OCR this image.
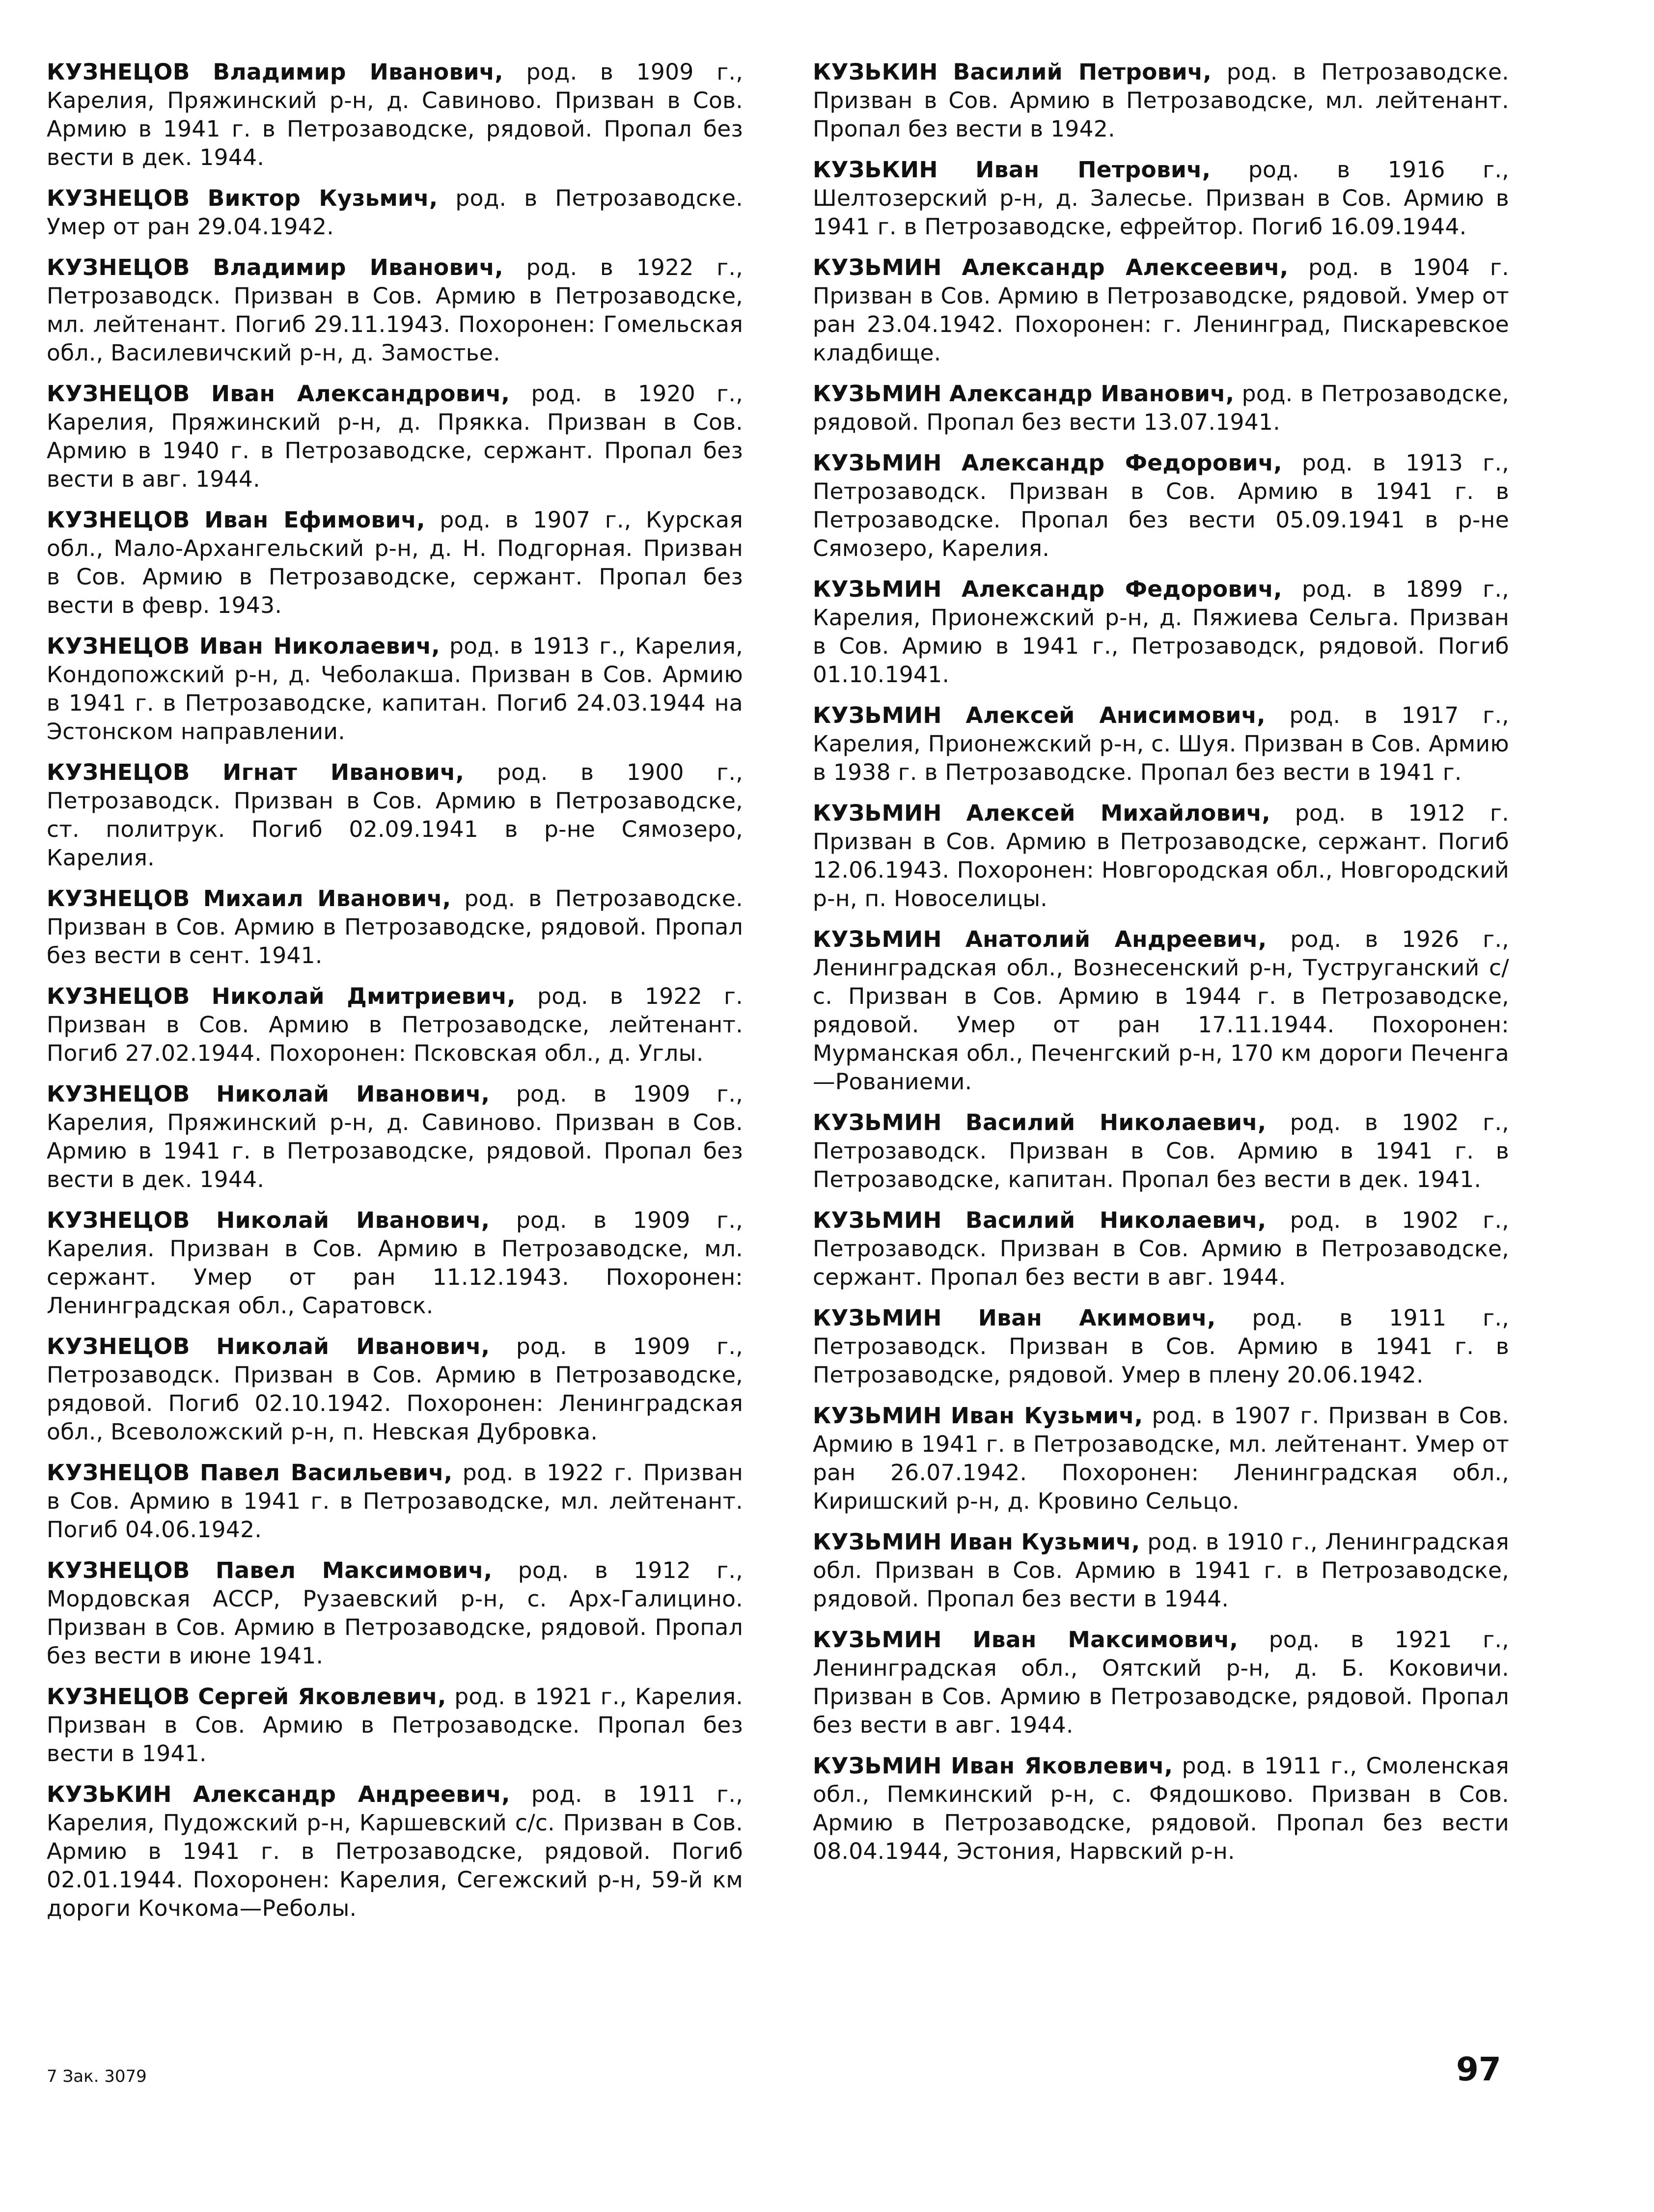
КУЗНЕЦОВ Владимир Иванович, род. в 1909 г., Карелия, Пряжинский р-н, д. Савиново. Призван в Сов. Армию в 1941 г. в Петрозаводске, рядовой. Пропал без вести в дек. 1944.

КУЗНЕЦОВ Виктор Кузьмич, род. в Петрозаводске. Умер от ран 29.04.1942.

КУЗНЕЦОВ Владимир Иванович, род. в 1922 г., Петрозаводск. Призван в Сов. Армию в Петрозаводске, мл. лейтенант. Погиб 29.11.1943. Похоронен: Гомельская обл., Василевичский р-н, д. Замостье.

КУЗНЕЦОВ Иван Александрович, род. в 1920 г., Карелия, Пряжинский р-н, д. Прякка. Призван в Сов. Армию в 1940 г. в Петрозаводске, сержант. Пропал без вести в авг. 1944.

КУЗНЕЦОВ Иван Ефимович, род. в 1907 г., Курская обл., Мало-Архангельский р-н, д. Н. Подгорная. Призван в Сов. Армию в Петрозаводске, сержант. Пропал без вести в февр. 1943.

КУЗНЕЦОВ Иван Николаевич, род. в 1913 г., Карелия, Кондопожский р-н, д. Чеболакша. Призван в Сов. Армию в 1941 г. в Петрозаводске, капитан. Погиб 24.03.1944 на Эстонском направлении.

КУЗНЕЦОВ Игнат Иванович, род. в 1900 г., Петрозаводск. Призван в Сов. Армию в Петрозаводске, ст. политрук. Погиб 02.09.1941 в р-не Сямозеро, Карелия.

КУЗНЕЦОВ Михаил Иванович, род. в Петрозаводске. Призван в Сов. Армию в Петрозаводске, рядовой. Пропал без вести в сент. 1941.

КУЗНЕЦОВ Николай Дмитриевич, род. в 1922 г. Призван в Сов. Армию в Петрозаводске, лейтенант. Погиб 27.02.1944. Похоронен: Псковская обл., д. Углы.

КУЗНЕЦОВ Николай Иванович, род. в 1909 г., Карелия, Пряжинский р-н, д. Савиново. Призван в Сов. Армию в 1941 г. в Петрозаводске, рядовой. Пропал без вести в дек. 1944.

КУЗНЕЦОВ Николай Иванович, род. в 1909 г., Карелия. Призван в Сов. Армию в Петрозаводске, мл. сержант. Умер от ран 11.12.1943. Похоронен: Ленинградская обл., Саратовск.

КУЗНЕЦОВ Николай Иванович, род. в 1909 г., Петрозаводск. Призван в Сов. Армию в Петрозаводске, рядовой. Погиб 02.10.1942. Похоронен: Ленинградская обл., Всеволожский р-н, п. Невская Дубровка.

КУЗНЕЦОВ Павел Васильевич, род. в 1922 г. Призван в Сов. Армию в 1941 г. в Петрозаводске, мл. лейтенант. Погиб 04.06.1942.

КУЗНЕЦОВ Павел Максимович, род. в 1912 г., Мордовская АССР, Рузаевский р-н, с. Арх-Галицино. Призван в Сов. Армию в Петрозаводске, рядовой. Пропал без вести в июне 1941.

КУЗНЕЦОВ Сергей Яковлевич, род. в 1921 г., Карелия. Призван в Сов. Армию в Петрозаводске. Пропал без вести в 1941.

КУЗЬКИН Александр Андреевич, род. в 1911 г., Карелия, Пудожский р-н, Каршевский с/с. Призван в Сов. Армию в 1941 г. в Петрозаводске, рядовой. Погиб 02.01.1944. Похоронен: Карелия, Сегежский р-н, 59-й км дороги Кочкома—Реболы.

КУЗЬКИН Василий Петрович, род. в Петрозаводске. Призван в Сов. Армию в Петрозаводске, мл. лейтенант. Пропал без вести в 1942.

КУЗЬКИН Иван Петрович, род. в 1916 г., Шелтозерский р-н, д. Залесье. Призван в Сов. Армию в 1941 г. в Петрозаводске, ефрейтор. Погиб 16.09.1944.

КУЗЬМИН Александр Алексеевич, род. в 1904 г. Призван в Сов. Армию в Петрозаводске, рядовой. Умер от ран 23.04.1942. Похоронен: г. Ленинград, Пискаревское кладбище.

КУЗЬМИН Александр Иванович, род. в Петрозаводске, рядовой. Пропал без вести 13.07.1941.

КУЗЬМИН Александр Федорович, род. в 1913 г., Петрозаводск. Призван в Сов. Армию в 1941 г. в Петрозаводске. Пропал без вести 05.09.1941 в р-не Сямозеро, Карелия.

КУЗЬМИН Александр Федорович, род. в 1899 г., Карелия, Прионежский р-н, д. Пяжиева Сельга. Призван в Сов. Армию в 1941 г., Петрозаводск, рядовой. Погиб 01.10.1941.

КУЗЬМИН Алексей Анисимович, род. в 1917 г., Карелия, Прионежский р-н, с. Шуя. Призван в Сов. Армию в 1938 г. в Петрозаводске. Пропал без вести в 1941 г.

КУЗЬМИН Алексей Михайлович, род. в 1912 г. Призван в Сов. Армию в Петрозаводске, сержант. Погиб 12.06.1943. Похоронен: Новгородская обл., Новгородский р-н, п. Новоселицы.

КУЗЬМИН Анатолий Андреевич, род. в 1926 г., Ленинградская обл., Вознесенский р-н, Туструганский с/с. Призван в Сов. Армию в 1944 г. в Петрозаводске, рядовой. Умер от ран 17.11.1944. Похоронен: Мурманская обл., Печенгский р-н, 170 км дороги Печенга—Рованиеми.

КУЗЬМИН Василий Николаевич, род. в 1902 г., Петрозаводск. Призван в Сов. Армию в 1941 г. в Петрозаводске, капитан. Пропал без вести в дек. 1941.

КУЗЬМИН Василий Николаевич, род. в 1902 г., Петрозаводск. Призван в Сов. Армию в Петрозаводске, сержант. Пропал без вести в авг. 1944.

КУЗЬМИН Иван Акимович, род. в 1911 г., Петрозаводск. Призван в Сов. Армию в 1941 г. в Петрозаводске, рядовой. Умер в плену 20.06.1942.

КУЗЬМИН Иван Кузьмич, род. в 1907 г. Призван в Сов. Армию в 1941 г. в Петрозаводске, мл. лейтенант. Умер от ран 26.07.1942. Похоронен: Ленинградская обл., Киришский р-н, д. Кровино Сельцо.

КУЗЬМИН Иван Кузьмич, род. в 1910 г., Ленинградская обл. Призван в Сов. Армию в 1941 г. в Петрозаводске, рядовой. Пропал без вести в 1944.

КУЗЬМИН Иван Максимович, род. в 1921 г., Ленинградская обл., Оятский р-н, д. Б. Коковичи. Призван в Сов. Армию в Петрозаводске, рядовой. Пропал без вести в авг. 1944.

КУЗЬМИН Иван Яковлевич, род. в 1911 г., Смоленская обл., Пемкинский р-н, с. Фядошково. Призван в Сов. Армию в Петрозаводске, рядовой. Пропал без вести 08.04.1944, Эстония, Нарвский р-н.

7 Зак. 3079	97
